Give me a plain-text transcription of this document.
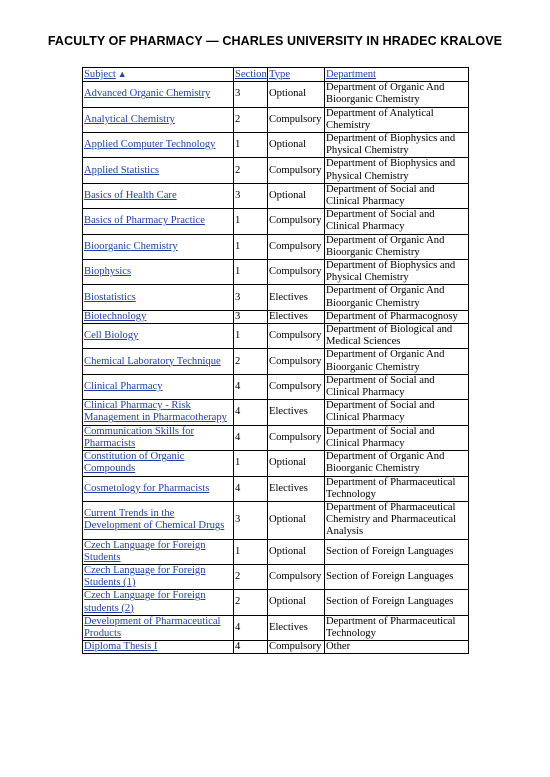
FACULTY OF PHARMACY — CHARLES UNIVERSITY IN HRADEC KRALOVE
Subject ▲	Section	Type	Department
Advanced Organic Chemistry	3	Optional	Department of Organic And Bioorganic Chemistry
Analytical Chemistry	2	Compulsory	Department of Analytical Chemistry
Applied Computer Technology	1	Optional	Department of Biophysics and Physical Chemistry
Applied Statistics	2	Compulsory	Department of Biophysics and Physical Chemistry
Basics of Health Care	3	Optional	Department of Social and Clinical Pharmacy
Basics of Pharmacy Practice	1	Compulsory	Department of Social and Clinical Pharmacy
Bioorganic Chemistry	1	Compulsory	Department of Organic And Bioorganic Chemistry
Biophysics	1	Compulsory	Department of Biophysics and Physical Chemistry
Biostatistics	3	Electives	Department of Organic And Bioorganic Chemistry
Biotechnology	3	Electives	Department of Pharmacognosy
Cell Biology	1	Compulsory	Department of Biological and Medical Sciences
Chemical Laboratory Technique	2	Compulsory	Department of Organic And Bioorganic Chemistry
Clinical Pharmacy	4	Compulsory	Department of Social and Clinical Pharmacy
Clinical Pharmacy - Risk Management in Pharmacotherapy	4	Electives	Department of Social and Clinical Pharmacy
Communication Skills for Pharmacists	4	Compulsory	Department of Social and Clinical Pharmacy
Constitution of Organic Compounds	1	Optional	Department of Organic And Bioorganic Chemistry
Cosmetology for Pharmacists	4	Electives	Department of Pharmaceutical Technology
Current Trends in the Development of Chemical Drugs	3	Optional	Department of Pharmaceutical Chemistry and Pharmaceutical Analysis
Czech Language for Foreign Students	1	Optional	Section of Foreign Languages
Czech Language for Foreign Students (1)	2	Compulsory	Section of Foreign Languages
Czech Language for Foreign students (2)	2	Optional	Section of Foreign Languages
Development of Pharmaceutical Products	4	Electives	Department of Pharmaceutical Technology
Diploma Thesis I	4	Compulsory	Other
